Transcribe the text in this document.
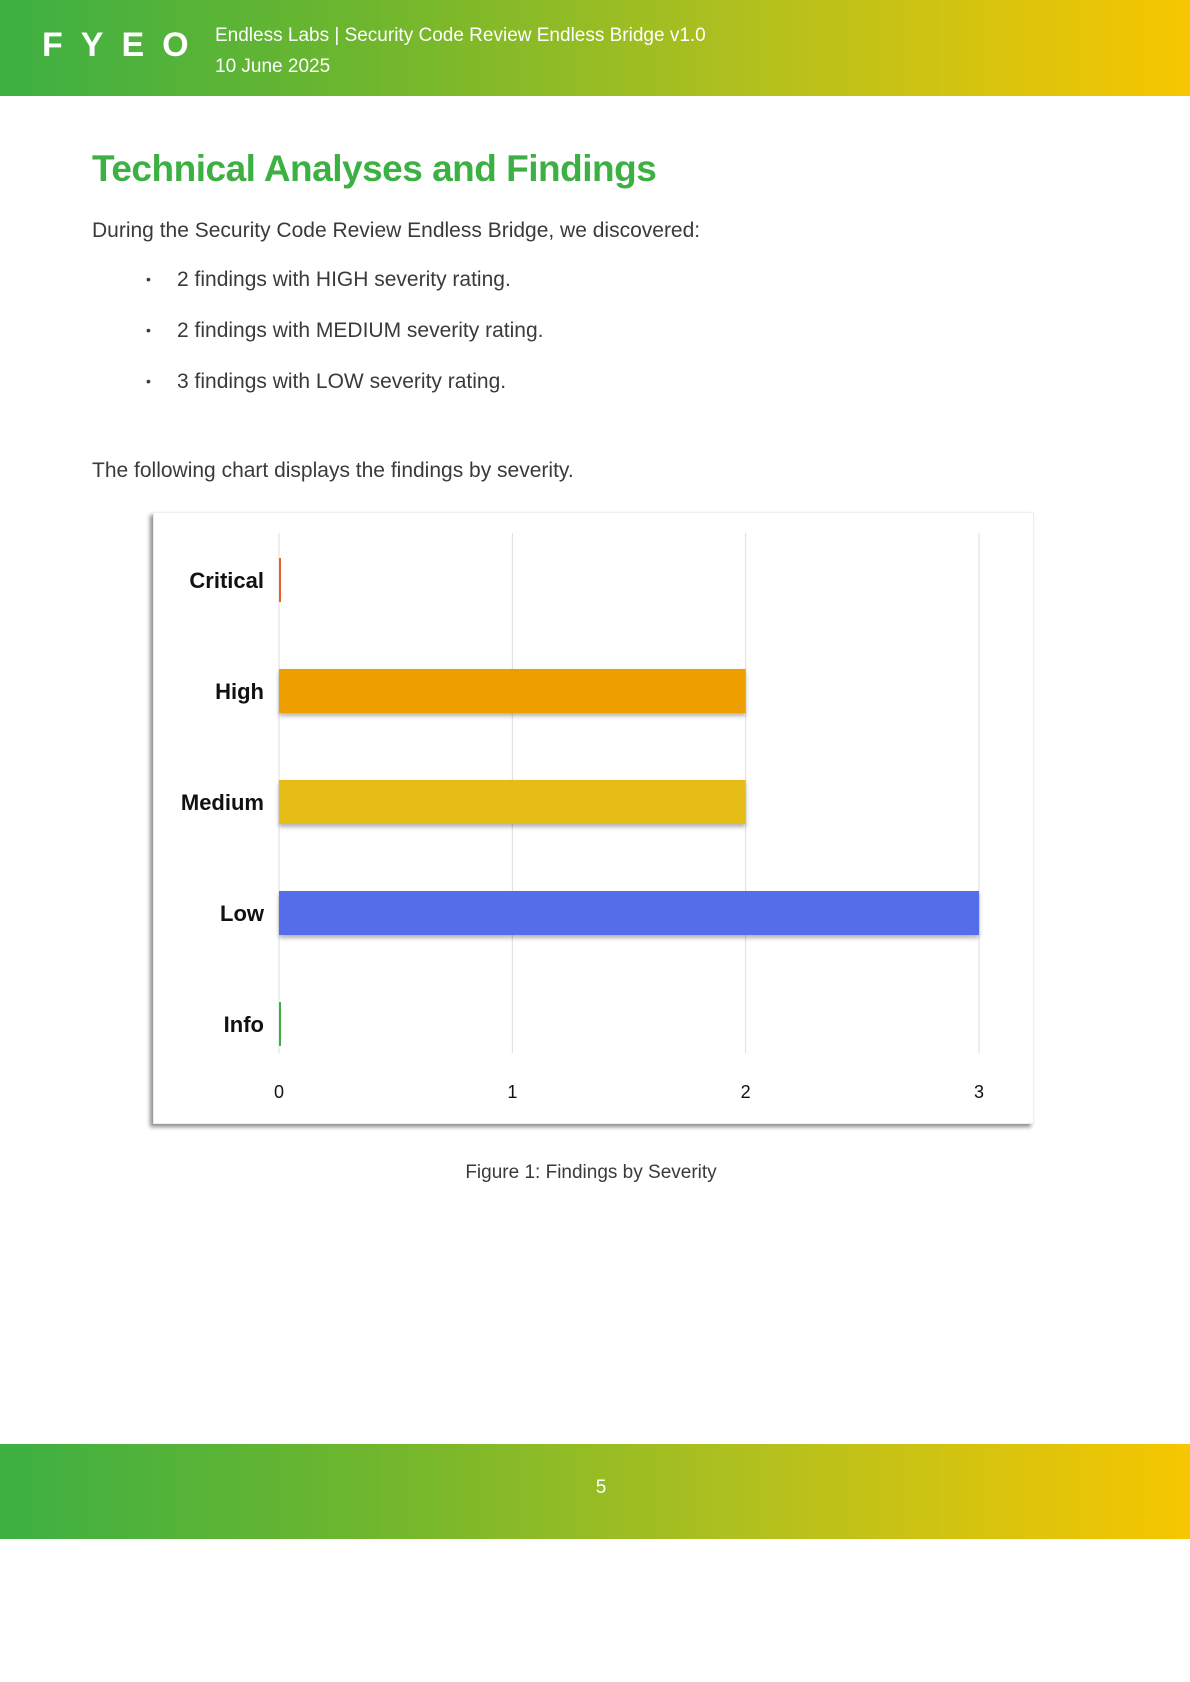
FYEO Endless Labs | Security Code Review Endless Bridge v1.0
10 June 2025
Technical Analyses and Findings

During the Security Code Review Endless Bridge, we discovered:

• 2 findings with HIGH severity rating.
• 2 findings with MEDIUM severity rating.
• 3 findings with LOW severity rating.

The following chart displays the findings by severity.

0	1	2	3
Critical
High
Medium
Low
Info
Figure 1: Findings by Severity
5
